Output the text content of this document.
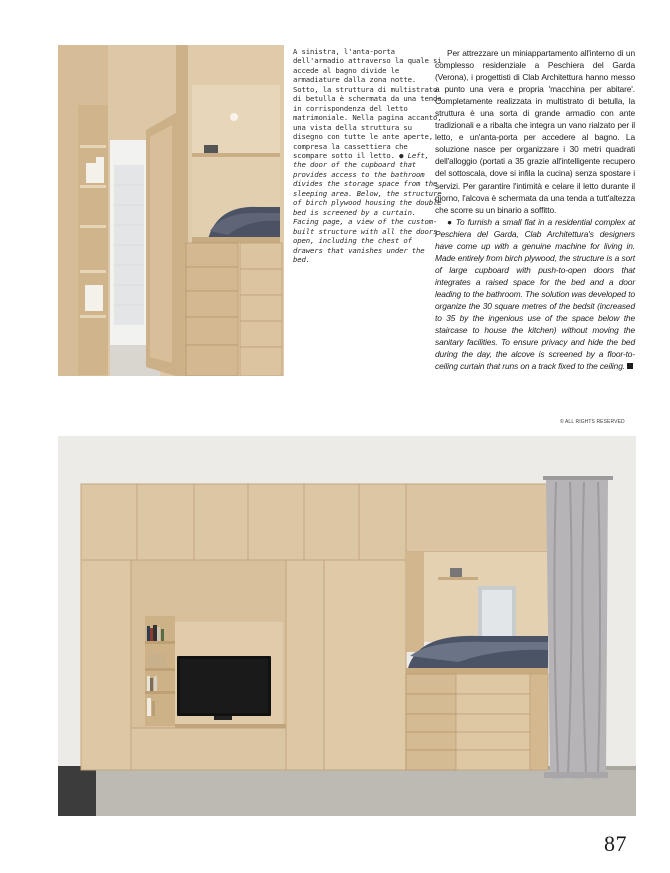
A sinistra, l'anta-porta dell'armadio attraverso la quale si accede al bagno divide le armadiature dalla zona notte. Sotto, la struttura di multistrato di betulla è schermata da una tenda in corrispondenza del letto matrimoniale. Nella pagina accanto, una vista della struttura su disegno con tutte le ante aperte, compresa la cassettiera che scompare sotto il letto. ● Left, the door of the cupboard that provides access to the bathroom divides the storage space from the sleeping area. Below, the structure of birch plywood housing the double bed is screened by a curtain. Facing page, a view of the custom-built structure with all the doors open, including the chest of drawers that vanishes under the bed.

Per attrezzare un miniappartamento all'interno di un complesso residenziale a Peschiera del Garda (Verona), i progettisti di Clab Architettura hanno messo a punto una vera e propria 'macchina per abitare'. Completamente realizzata in multistrato di betulla, la struttura è una sorta di grande armadio con ante tradizionali e a ribalta che integra un vano rialzato per il letto, e un'anta-porta per accedere al bagno. La soluzione nasce per organizzare i 30 metri quadrati dell'alloggio (portati a 35 grazie all'intelligente recupero del sottoscala, dove si infila la cucina) senza spostare i servizi. Per garantire l'intimità e celare il letto durante il giorno, l'alcova è schermata da una tenda a tutt'altezza che scorre su un binario a soffitto.

● To furnish a small flat in a residential complex at Peschiera del Garda, Clab Architettura's designers have come up with a genuine machine for living in. Made entirely from birch plywood, the structure is a sort of large cupboard with push-to-open doors that integrates a raised space for the bed and a door leading to the bathroom. The solution was developed to organize the 30 square metres of the bedsit (increased to 35 by the ingenious use of the space below the staircase to house the kitchen) without moving the sanitary facilities. To ensure privacy and hide the bed during the day, the alcove is screened by a floor-to-ceiling curtain that runs on a track fixed to the ceiling.

© ALL RIGHTS RESERVED
87
